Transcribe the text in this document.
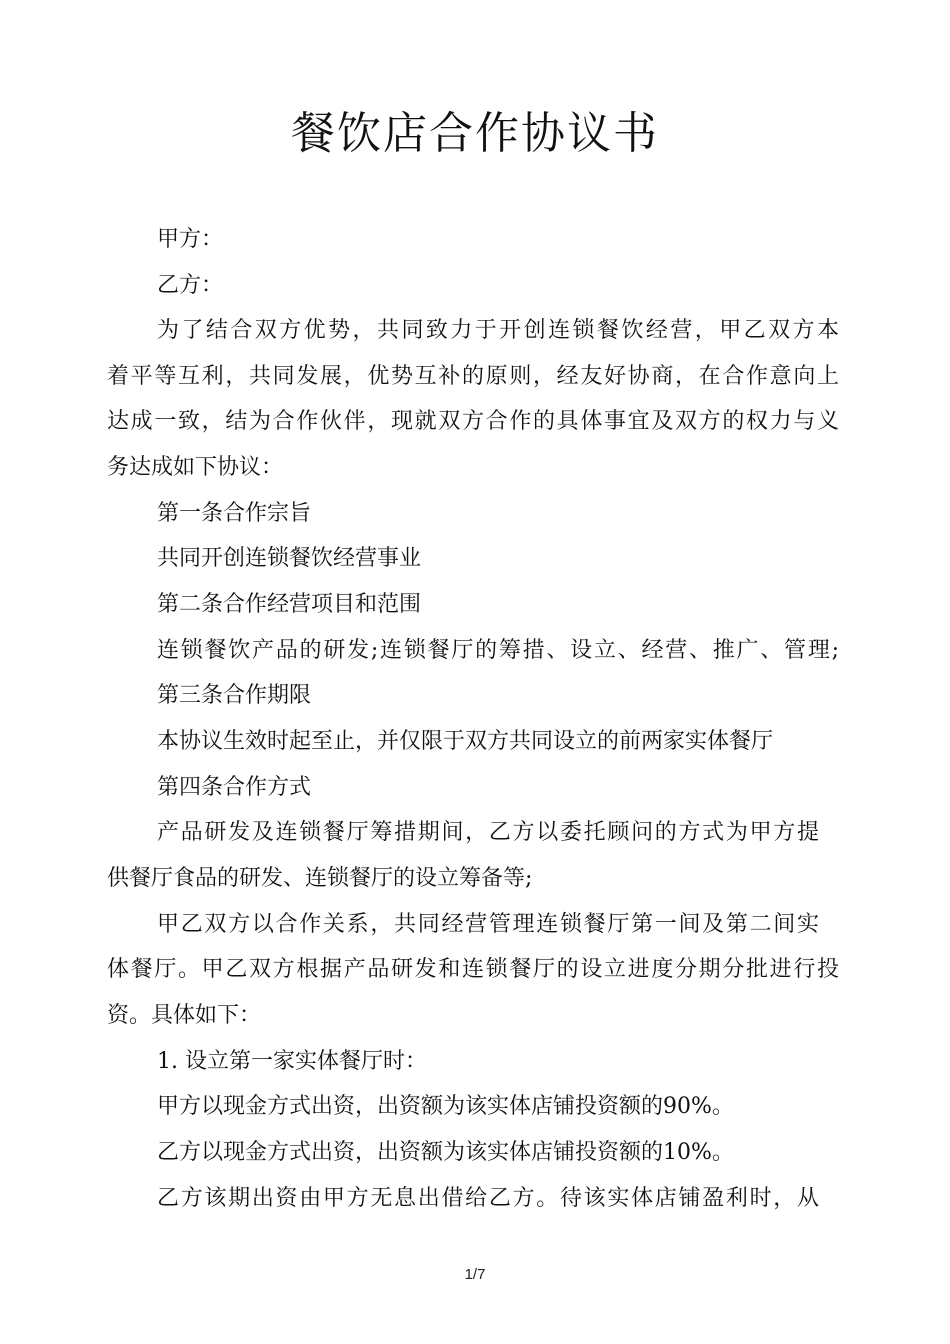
餐饮店合作协议书
甲方：
乙方：
为了结合双方优势，共同致力于开创连锁餐饮经营，甲乙双方本
着平等互利，共同发展，优势互补的原则，经友好协商，在合作意向上
达成一致，结为合作伙伴，现就双方合作的具体事宜及双方的权力与义
务达成如下协议：
第一条合作宗旨
共同开创连锁餐饮经营事业
第二条合作经营项目和范围
连锁餐饮产品的研发;连锁餐厅的筹措、设立、经营、推广、管理;
第三条合作期限
本协议生效时起至止，并仅限于双方共同设立的前两家实体餐厅
第四条合作方式
产品研发及连锁餐厅筹措期间，乙方以委托顾问的方式为甲方提
供餐厅食品的研发、连锁餐厅的设立筹备等;
甲乙双方以合作关系，共同经营管理连锁餐厅第一间及第二间实
体餐厅。甲乙双方根据产品研发和连锁餐厅的设立进度分期分批进行投
资。具体如下：
1. 设立第一家实体餐厅时：
甲方以现金方式出资，出资额为该实体店铺投资额的90%。
乙方以现金方式出资，出资额为该实体店铺投资额的10%。
乙方该期出资由甲方无息出借给乙方。待该实体店铺盈利时，从
1/7
